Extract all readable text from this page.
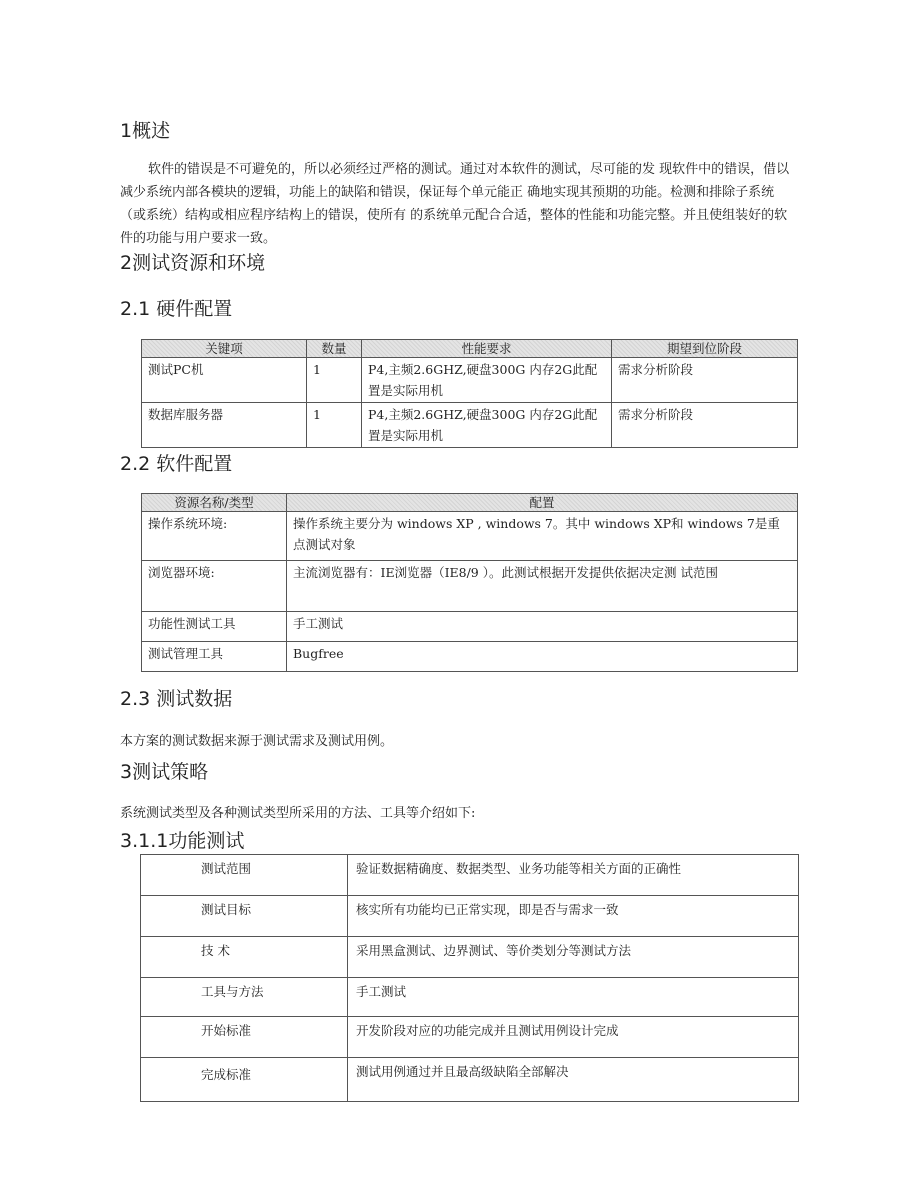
1概述
软件的错误是不可避免的，所以必须经过严格的测试。通过对本软件的测试，尽可能的发 现软件中的错误，借以减少系统内部各模块的逻辑，功能上的缺陷和错误，保证每个单元能正 确地实现其预期的功能。检测和排除子系统（或系统）结构或相应程序结构上的错误，使所有 的系统单元配合合适，整体的性能和功能完整。并且使组装好的软件的功能与用户要求一致。
2测试资源和环境
2.1 硬件配置
关键项	数量	性能要求	期望到位阶段
测试PC机	1	P4,主频2.6GHZ,硬盘300G 内存2G此配置是实际用机	需求分析阶段
数据库服务器	1	P4,主频2.6GHZ,硬盘300G 内存2G此配置是实际用机	需求分析阶段
2.2 软件配置
资源名称/类型	配置
操作系统环境:	操作系统主要分为 windows XP , windows 7。其中 windows XP和 windows 7是重点测试对象
浏览器环境:	主流浏览器有：IE浏览器（IE8/9 ）。此测试根据开发提供依据决定测 试范围
功能性测试工具	手工测试
测试管理工具	Bugfree
2.3 测试数据
本方案的测试数据来源于测试需求及测试用例。
3测试策略
系统测试类型及各种测试类型所采用的方法、工具等介绍如下:
3.1.1功能测试
测试范围	验证数据精确度、数据类型、业务功能等相关方面的正确性
测试目标	核实所有功能均已正常实现，即是否与需求一致
技 术	采用黑盒测试、边界测试、等价类划分等测试方法
工具与方法	手工测试
开始标准	开发阶段对应的功能完成并且测试用例设计完成
完成标准	测试用例通过并且最高级缺陷全部解决
